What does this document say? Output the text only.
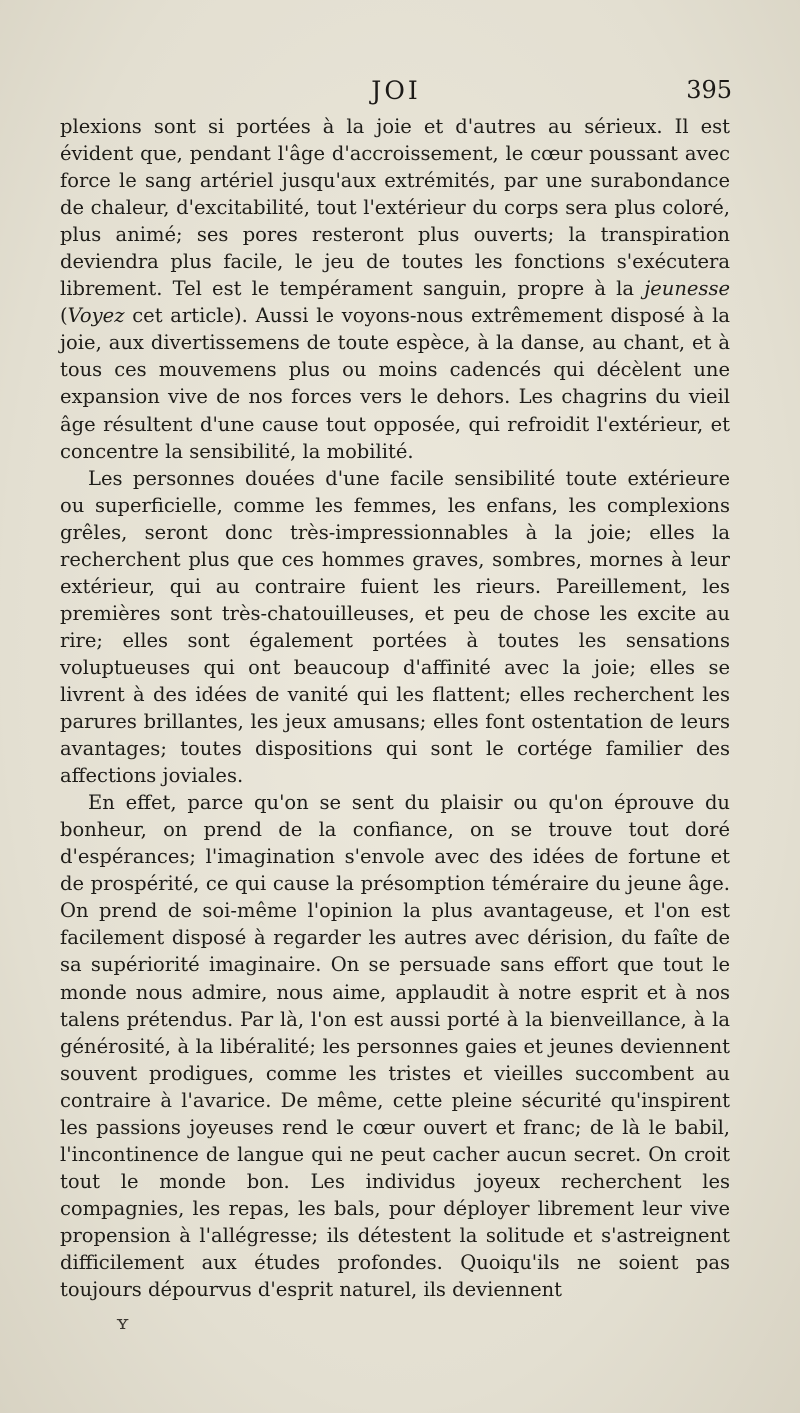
JOI	395

plexions sont si portées à la joie et d'autres au sérieux. Il est évident que, pendant l'âge d'accroissement, le cœur poussant avec force le sang artériel jusqu'aux extrémités, par une surabondance de chaleur, d'excitabilité, tout l'extérieur du corps sera plus coloré, plus animé; ses pores resteront plus ouverts; la transpiration deviendra plus facile, le jeu de toutes les fonctions s'exécutera librement. Tel est le tempérament sanguin, propre à la jeunesse (Voyez cet article). Aussi le voyons-nous extrêmement disposé à la joie, aux divertissemens de toute espèce, à la danse, au chant, et à tous ces mouvemens plus ou moins cadencés qui décèlent une expansion vive de nos forces vers le dehors. Les chagrins du vieil âge résultent d'une cause tout opposée, qui refroidit l'extérieur, et concentre la sensibilité, la mobilité.

Les personnes douées d'une facile sensibilité toute extérieure ou superficielle, comme les femmes, les enfans, les complexions grêles, seront donc très-impressionnables à la joie; elles la recherchent plus que ces hommes graves, sombres, mornes à leur extérieur, qui au contraire fuient les rieurs. Pareillement, les premières sont très-chatouilleuses, et peu de chose les excite au rire; elles sont également portées à toutes les sensations voluptueuses qui ont beaucoup d'affinité avec la joie; elles se livrent à des idées de vanité qui les flattent; elles recherchent les parures brillantes, les jeux amusans; elles font ostentation de leurs avantages; toutes dispositions qui sont le cortége familier des affections joviales.

En effet, parce qu'on se sent du plaisir ou qu'on éprouve du bonheur, on prend de la confiance, on se trouve tout doré d'espérances; l'imagination s'envole avec des idées de fortune et de prospérité, ce qui cause la présomption téméraire du jeune âge. On prend de soi-même l'opinion la plus avantageuse, et l'on est facilement disposé à regarder les autres avec dérision, du faîte de sa supériorité imaginaire. On se persuade sans effort que tout le monde nous admire, nous aime, applaudit à notre esprit et à nos talens prétendus. Par là, l'on est aussi porté à la bienveillance, à la générosité, à la libéralité; les personnes gaies et jeunes deviennent souvent prodigues, comme les tristes et vieilles succombent au contraire à l'avarice. De même, cette pleine sécurité qu'inspirent les passions joyeuses rend le cœur ouvert et franc; de là le babil, l'incontinence de langue qui ne peut cacher aucun secret. On croit tout le monde bon. Les individus joyeux recherchent les compagnies, les repas, les bals, pour déployer librement leur vive propension à l'allégresse; ils détestent la solitude et s'astreignent difficilement aux études profondes. Quoiqu'ils ne soient pas toujours dépourvus d'esprit naturel, ils deviennent

ʏ
